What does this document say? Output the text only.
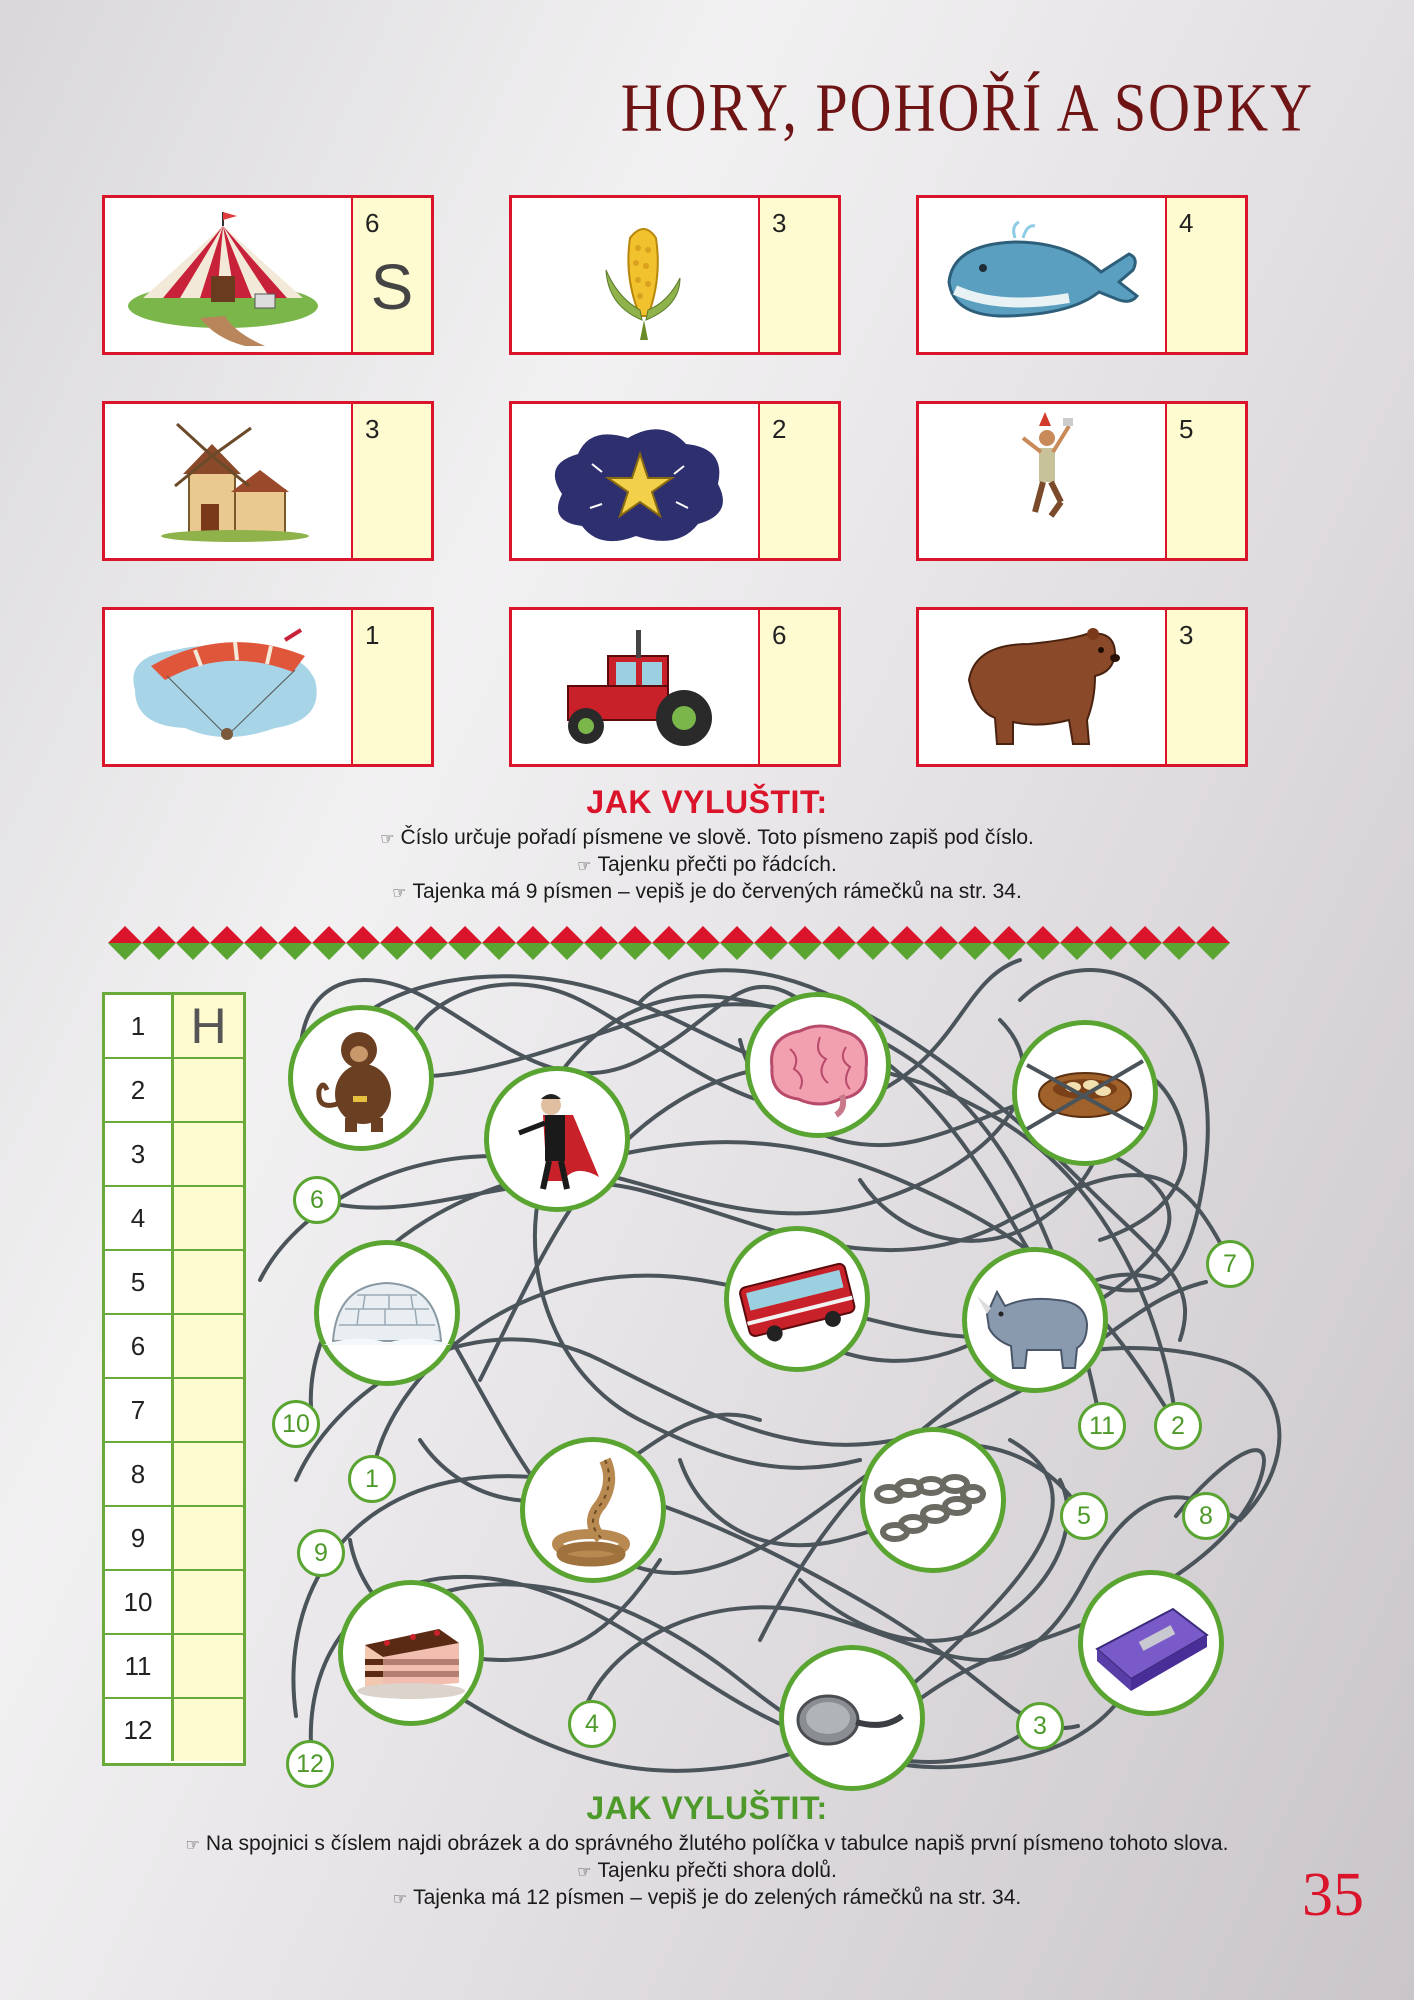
HORY, POHOŘÍ A SOPKY
6
S
3	4
3	2	5
1	6	3
JAK VYLUŠTIT:
☞ Číslo určuje pořadí písmene ve slově. Toto písmeno zapiš pod číslo.
☞ Tajenku přečti po řádcích.
☞ Tajenka má 9 písmen – vepiš je do červených rámečků na str. 34.
1 H
2
3
4
5
6
7
8
9
10
11
12
6
7
10
1
11	2
5	8
9
4	3
12
JAK VYLUŠTIT:
☞ Na spojnici s číslem najdi obrázek a do správného žlutého políčka v tabulce napiš první písmeno tohoto slova.
☞ Tajenku přečti shora dolů.
☞ Tajenka má 12 písmen – vepiš je do zelených rámečků na str. 34.	35
